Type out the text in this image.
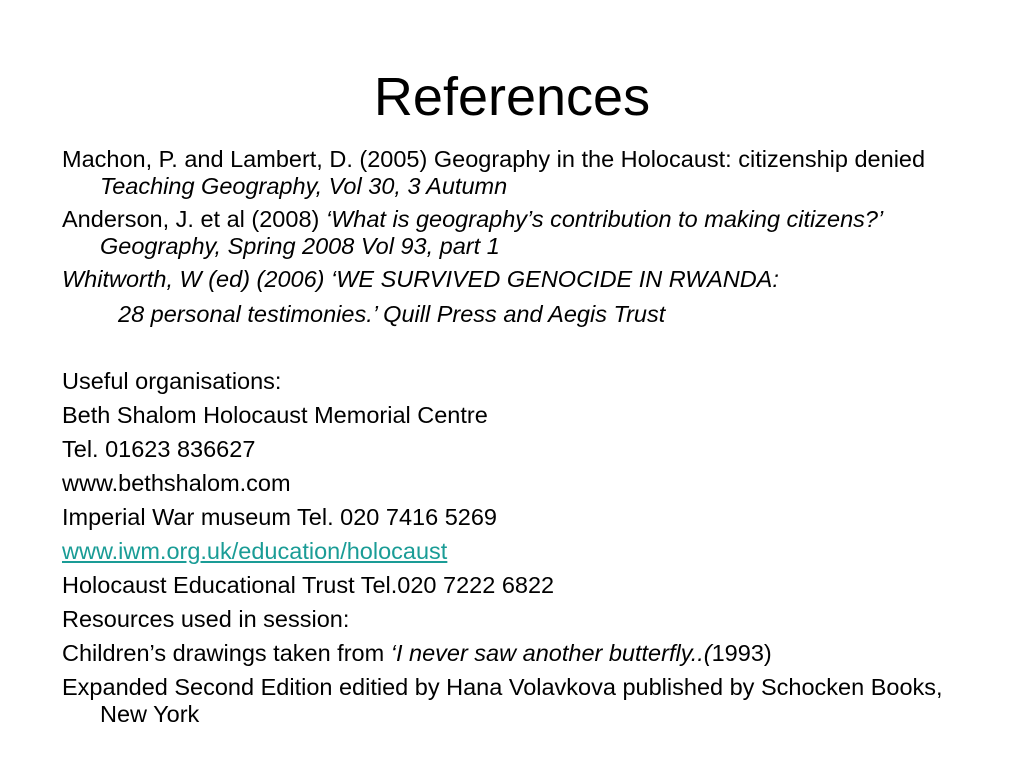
References

Machon, P. and Lambert, D. (2005) Geography in the Holocaust: citizenship denied Teaching Geography, Vol 30, 3 Autumn

Anderson, J. et al (2008) ‘What is geography’s contribution to making citizens?’ Geography, Spring 2008 Vol 93, part 1

Whitworth, W (ed) (2006) ‘WE SURVIVED GENOCIDE IN RWANDA:

28 personal testimonies.’ Quill Press and Aegis Trust

Useful organisations:

Beth Shalom Holocaust Memorial Centre

Tel. 01623 836627

www.bethshalom.com

Imperial War museum Tel. 020 7416 5269

www.iwm.org.uk/education/holocaust

Holocaust Educational Trust Tel.020 7222 6822

Resources used in session:

Children’s drawings taken from ‘I never saw another butterfly..(1993)

Expanded Second Edition editied by Hana Volavkova published by Schocken Books, New York
